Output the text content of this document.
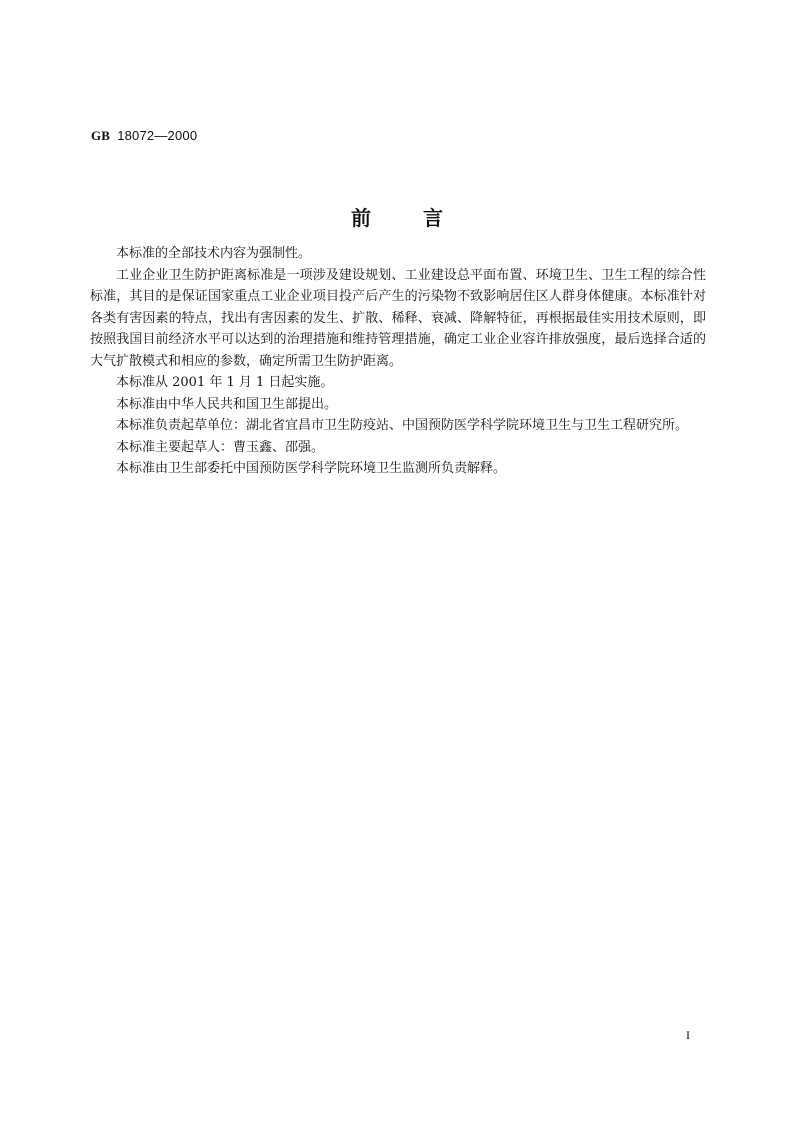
GB 18072—2000
前言

本标准的全部技术内容为强制性。

工业企业卫生防护距离标准是一项涉及建设规划、工业建设总平面布置、环境卫生、卫生工程的综合性标准，其目的是保证国家重点工业企业项目投产后产生的污染物不致影响居住区人群身体健康。本标准针对各类有害因素的特点，找出有害因素的发生、扩散、稀释、衰减、降解特征，再根据最佳实用技术原则，即按照我国目前经济水平可以达到的治理措施和维持管理措施，确定工业企业容许排放强度，最后选择合适的大气扩散模式和相应的参数，确定所需卫生防护距离。

本标准从 2001 年 1 月 1 日起实施。

本标准由中华人民共和国卫生部提出。

本标准负责起草单位：湖北省宜昌市卫生防疫站、中国预防医学科学院环境卫生与卫生工程研究所。

本标准主要起草人：曹玉鑫、邵强。

本标准由卫生部委托中国预防医学科学院环境卫生监测所负责解释。

I
